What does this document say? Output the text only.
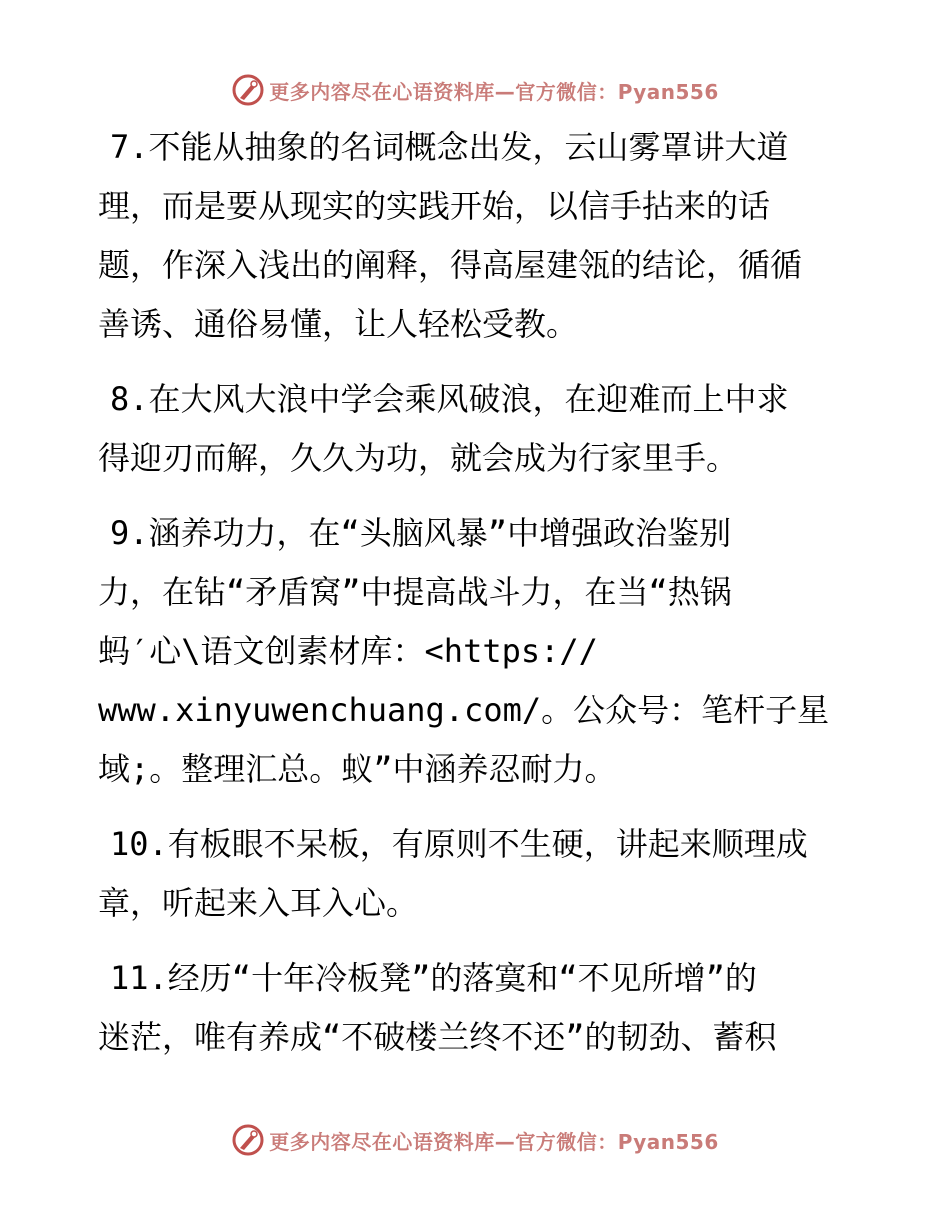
更多内容尽在心语资料库—官方微信：Pyan556
7.不能从抽象的名词概念出发，云山雾罩讲大道
理，而是要从现实的实践开始，以信手拈来的话
题，作深入浅出的阐释，得高屋建瓴的结论，循循
善诱、通俗易懂，让人轻松受教。
8.在大风大浪中学会乘风破浪，在迎难而上中求
得迎刃而解，久久为功，就会成为行家里手。
9.涵养功力，在“头脑风暴”中增强政治鉴别
力，在钻“矛盾窝”中提高战斗力，在当“热锅
蚂′心\语文创素材库：<https://
www.xinyuwenchuang.com/。公众号：笔杆子星
域;。整理汇总。蚁”中涵养忍耐力。
10.有板眼不呆板，有原则不生硬，讲起来顺理成
章，听起来入耳入心。
11.经历“十年冷板凳”的落寞和“不见所增”的
迷茫，唯有养成“不破楼兰终不还”的韧劲、蓄积
更多内容尽在心语资料库—官方微信：Pyan556
